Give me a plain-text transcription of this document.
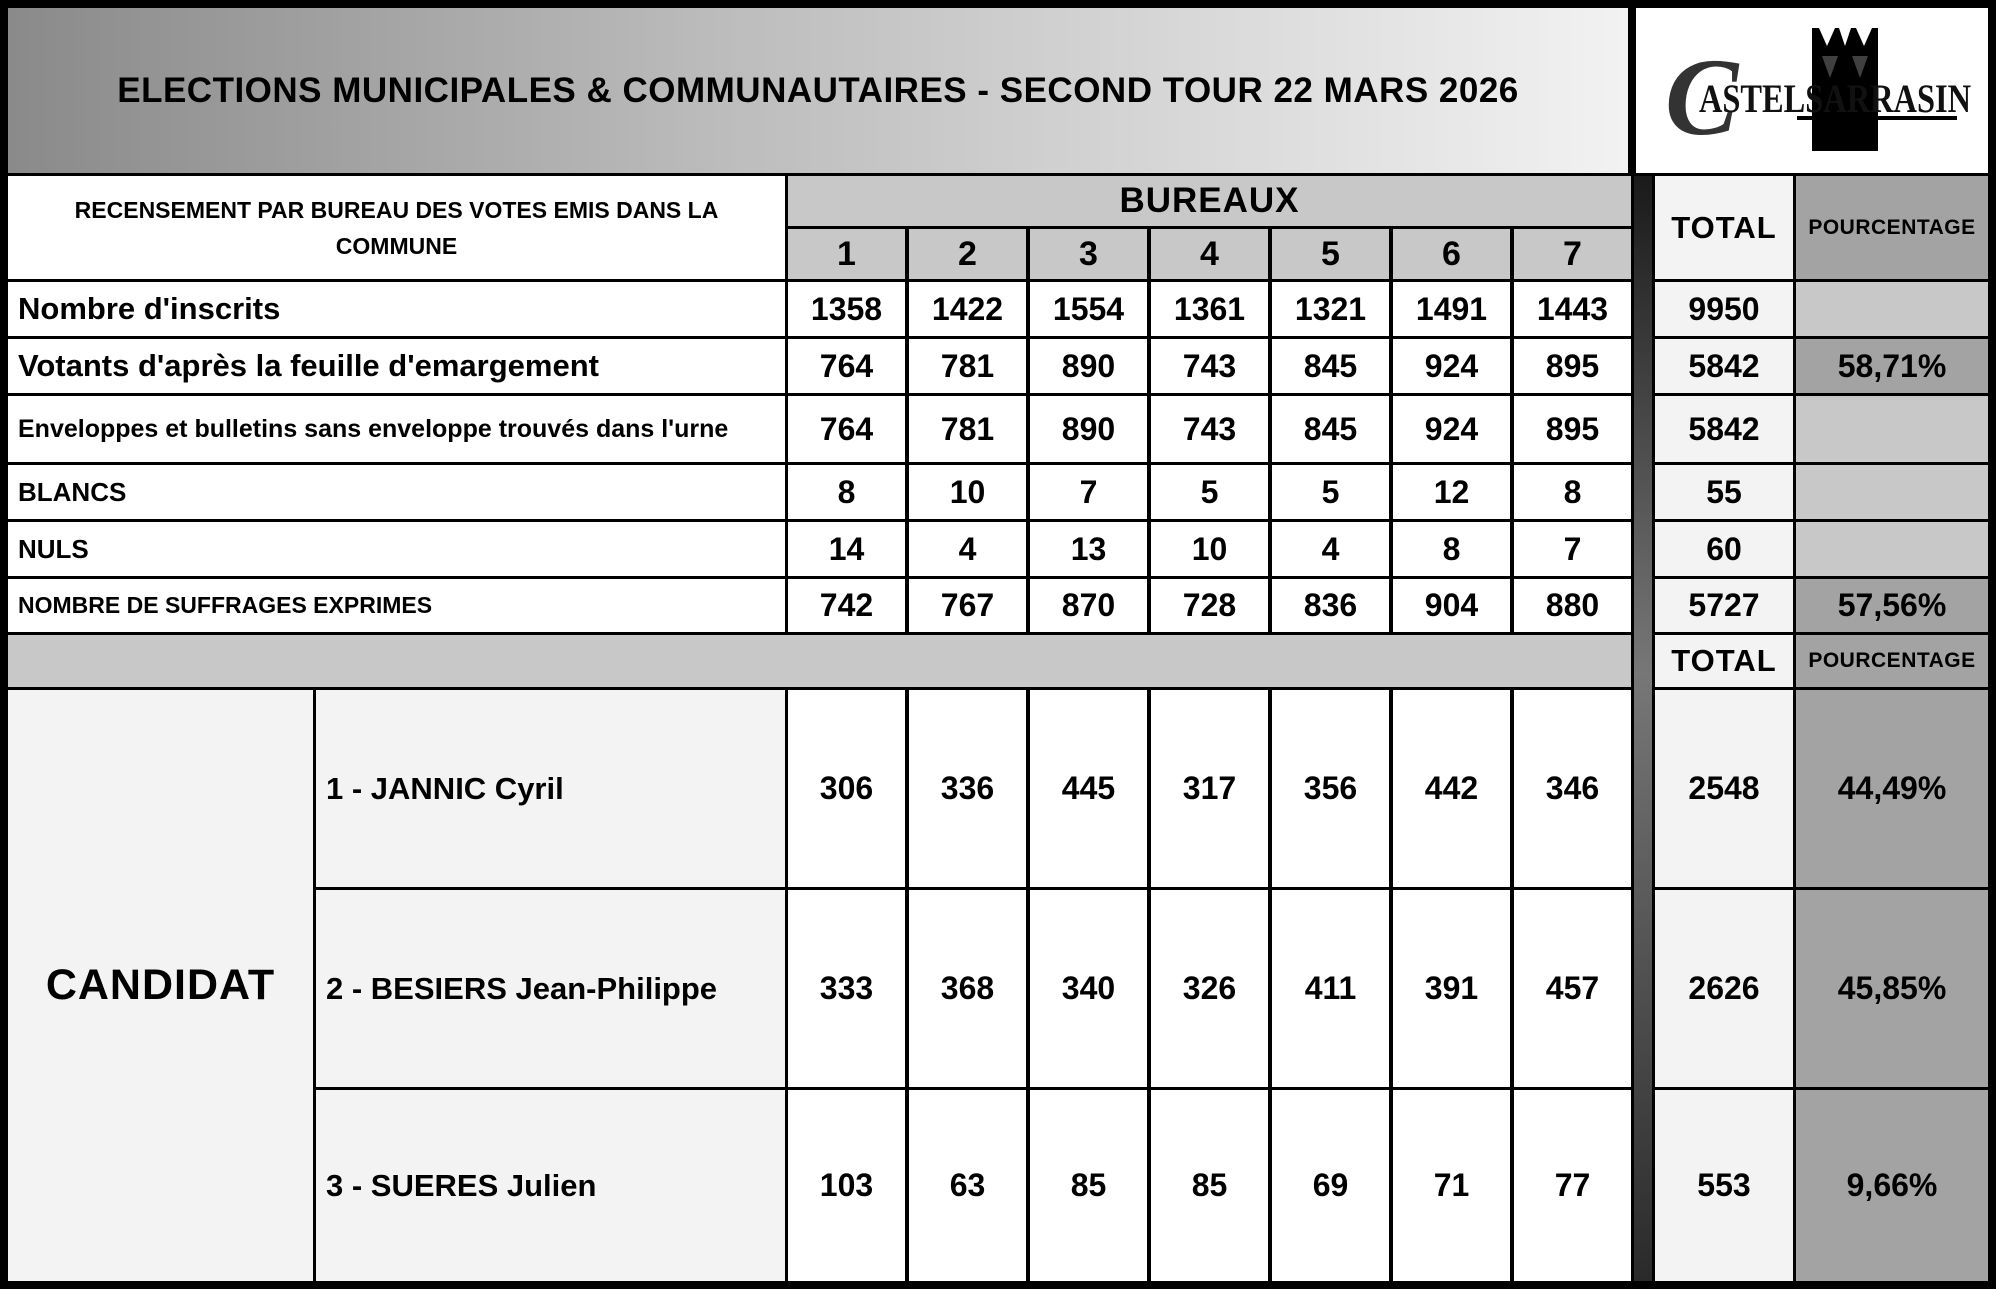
ELECTIONS MUNICIPALES & COMMUNAUTAIRES - SECOND TOUR 22 MARS 2026	C
ASTELSARRASIN
RECENSEMENT PAR BUREAU DES VOTES EMIS DANS LA COMMUNE
BUREAUX
1	2	3	4	5	6	7
TOTAL	POURCENTAGE
Nombre d'inscrits	1358	1422	1554	1361	1321	1491	1443	9950
Votants d'après la feuille d'emargement	764	781	890	743	845	924	895	5842	58,71%
Enveloppes et bulletins sans enveloppe trouvés dans l'urne	764	781	890	743	845	924	895	5842
BLANCS	8	10	7	5	5	12	8	55
NULS	14	4	13	10	4	8	7	60
NOMBRE DE SUFFRAGES EXPRIMES	742	767	870	728	836	904	880	5727	57,56%
TOTAL	POURCENTAGE
CANDIDAT
1 - JANNIC Cyril	306	336	445	317	356	442	346	2548	44,49%
2 - BESIERS Jean-Philippe	333	368	340	326	411	391	457	2626	45,85%
3 - SUERES Julien	103	63	85	85	69	71	77	553	9,66%
